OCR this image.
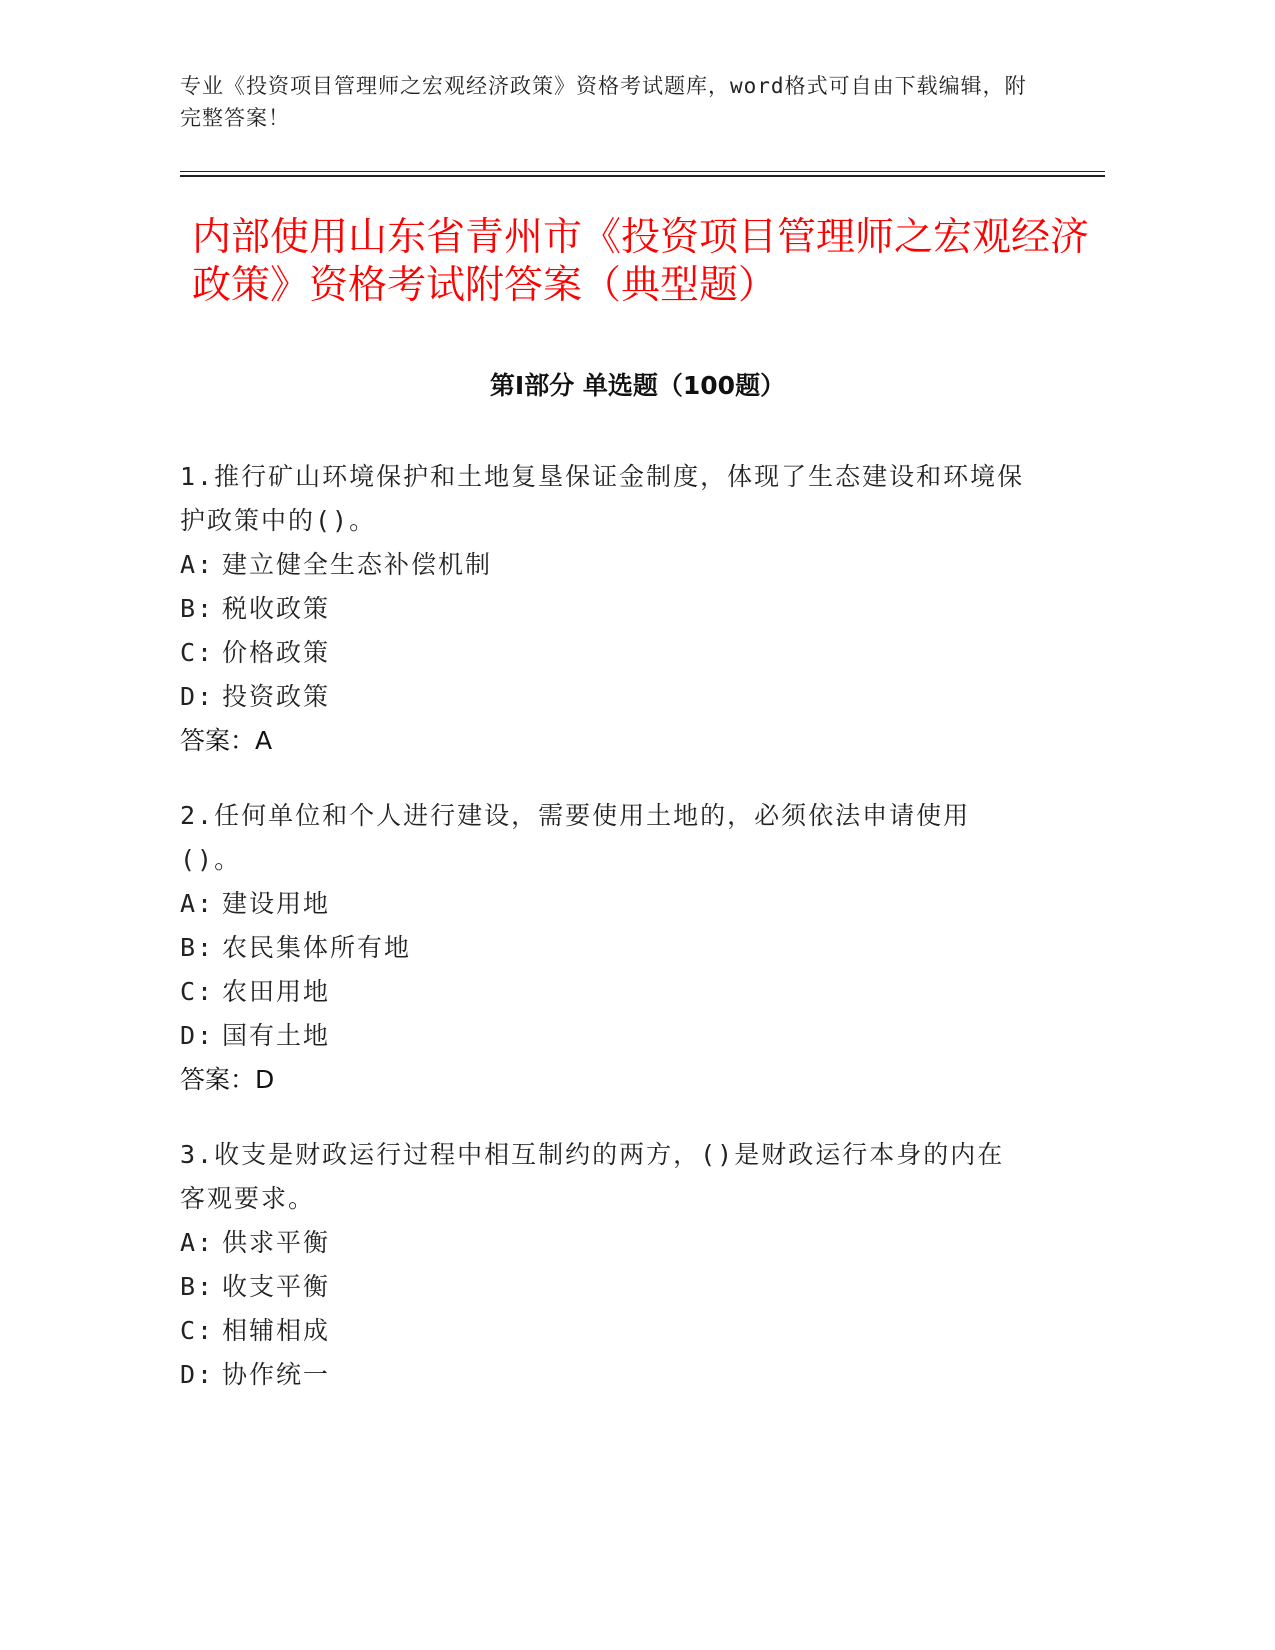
专业《投资项目管理师之宏观经济政策》资格考试题库，word格式可自由下载编辑，附完整答案！

内部使用山东省青州市《投资项目管理师之宏观经济政策》资格考试附答案（典型题）
第Ⅰ部分 单选题（100题）

1.推行矿山环境保护和土地复垦保证金制度，体现了生态建设和环境保护政策中的()。

A: 建立健全生态补偿机制

B: 税收政策

C: 价格政策

D: 投资政策

答案：A

2.任何单位和个人进行建设，需要使用土地的，必须依法申请使用()。

A: 建设用地

B: 农民集体所有地

C: 农田用地

D: 国有土地

答案：D

3.收支是财政运行过程中相互制约的两方，()是财政运行本身的内在客观要求。

A: 供求平衡

B: 收支平衡

C: 相辅相成

D: 协作统一
